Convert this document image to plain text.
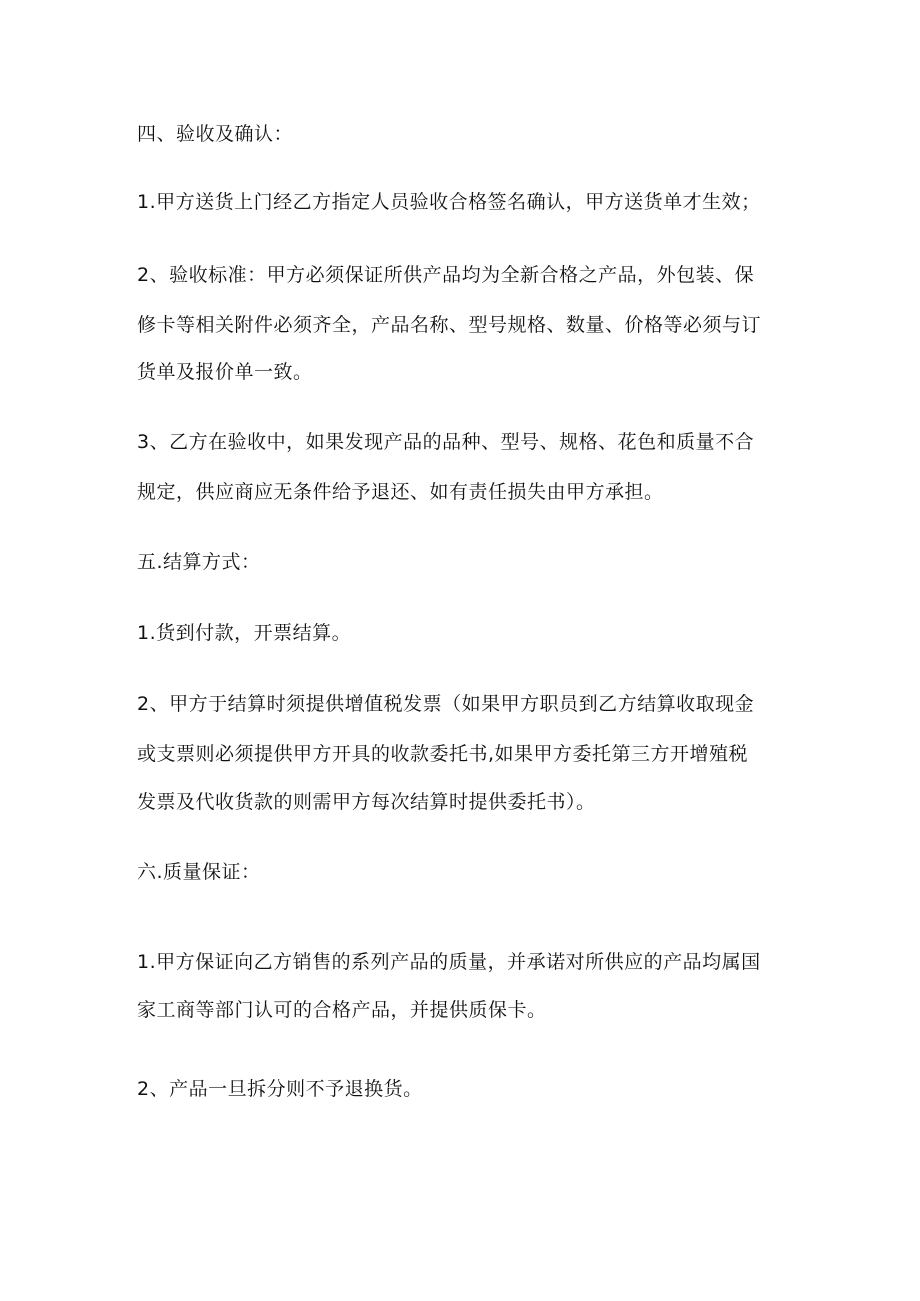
四、验收及确认：
1.甲方送货上门经乙方指定人员验收合格签名确认，甲方送货单才生效；
2、验收标准：甲方必须保证所供产品均为全新合格之产品，外包装、保
修卡等相关附件必须齐全，产品名称、型号规格、数量、价格等必须与订
货单及报价单一致。
3、乙方在验收中，如果发现产品的品种、型号、规格、花色和质量不合
规定，供应商应无条件给予退还、如有责任损失由甲方承担。
五.结算方式：
1.货到付款，开票结算。
2、甲方于结算时须提供增值税发票（如果甲方职员到乙方结算收取现金
或支票则必须提供甲方开具的收款委托书,如果甲方委托第三方开增殖税
发票及代收货款的则需甲方每次结算时提供委托书）。
六.质量保证：
1.甲方保证向乙方销售的系列产品的质量，并承诺对所供应的产品均属国
家工商等部门认可的合格产品，并提供质保卡。
2、产品一旦拆分则不予退换货。
